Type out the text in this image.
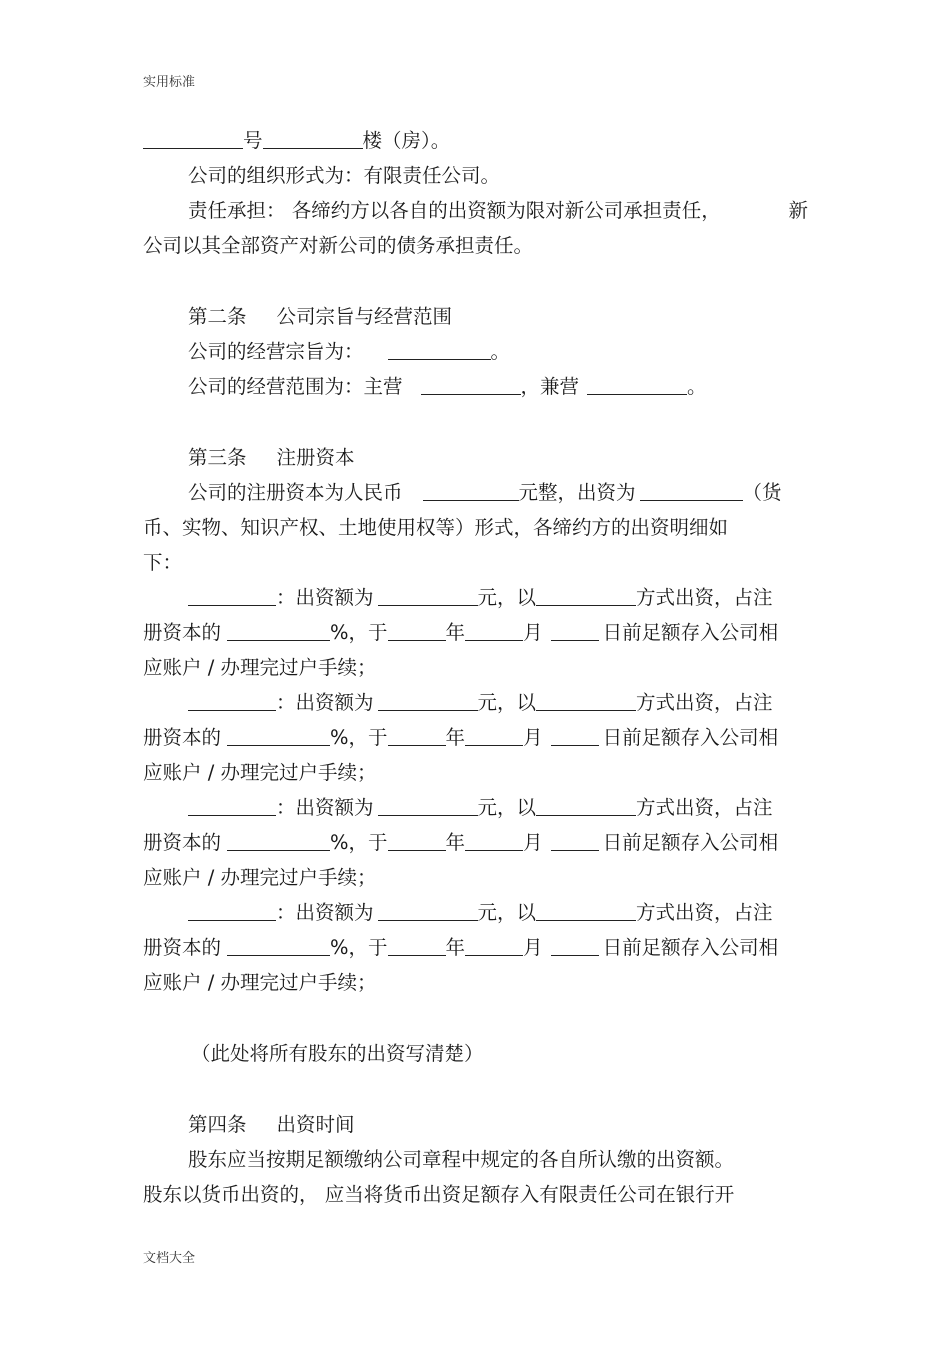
实用标准
号	楼（房）。
公司的组织形式为：有限责任公司。
责任承担： 各缔约方以各自的出资额为限对新公司承担责任，	新
公司以其全部资产对新公司的债务承担责任。
第二条 公司宗旨与经营范围
公司的经营宗旨为：	。
公司的经营范围为：主营	，兼营	。
第三条 注册资本
公司的注册资本为人民币	元整，出资为	（货
币、实物、知识产权、土地使用权等）形式，各缔约方的出资明细如
下：
：出资额为	元，以	方式出资，占注
册资本的	%，于	年	月	日前足额存入公司相
应账户 / 办理完过户手续；
：出资额为	元，以	方式出资，占注
册资本的	%，于	年	月	日前足额存入公司相
应账户 / 办理完过户手续；
：出资额为	元，以	方式出资，占注
册资本的	%，于	年	月	日前足额存入公司相
应账户 / 办理完过户手续；
：出资额为	元，以	方式出资，占注
册资本的	%，于	年	月	日前足额存入公司相
应账户 / 办理完过户手续；
（此处将所有股东的出资写清楚）
第四条 出资时间
股东应当按期足额缴纳公司章程中规定的各自所认缴的出资额。
股东以货币出资的， 应当将货币出资足额存入有限责任公司在银行开
文档大全
